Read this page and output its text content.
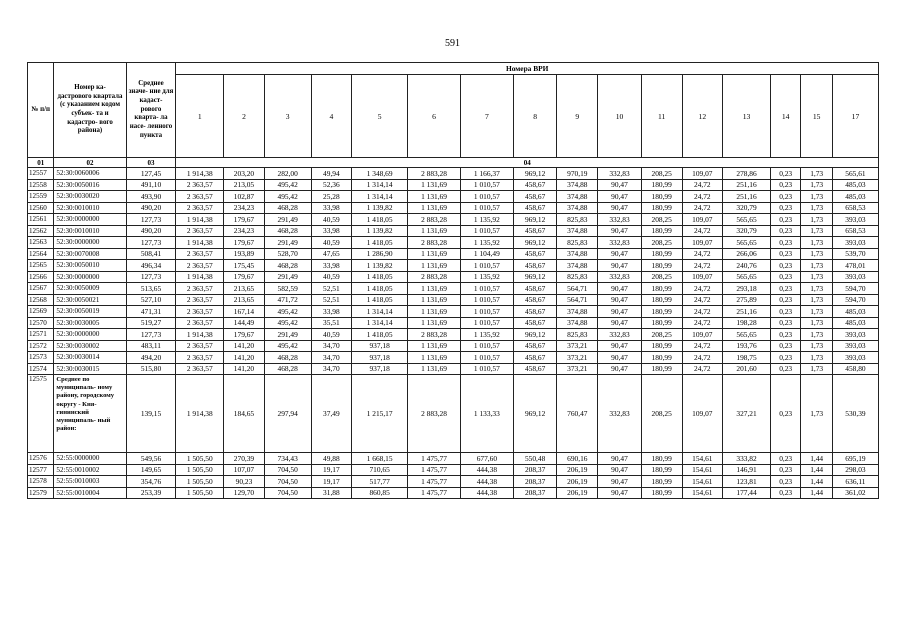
591
№ п/п	Номер ка- дастрового квартала (с указанием кодом субъек- та и кадастро- вого района)	Среднее значе- ние для кадаст- рового кварта- ла насе- ленного пункта	Номера ВРИ															
			1	2	3	4	5	6	7	8	9	10	11	12	13	14	15	17
01	02	03	04															
12557	52:30:0060006	127,45	1 914,38	203,20	282,00	49,94	1 348,69	2 883,28	1 166,37	969,12	970,19	332,83	208,25	109,07	278,86	0,23	1,73	565,61
12558	52:30:0050016	491,10	2 363,57	213,05	495,42	52,36	1 314,14	1 131,69	1 010,57	458,67	374,88	90,47	180,99	24,72	251,16	0,23	1,73	485,03
12559	52:30:0030020	493,90	2 363,57	102,87	495,42	25,28	1 314,14	1 131,69	1 010,57	458,67	374,88	90,47	180,99	24,72	251,16	0,23	1,73	485,03
12560	52:30:0010010	490,20	2 363,57	234,23	468,28	33,98	1 139,82	1 131,69	1 010,57	458,67	374,88	90,47	180,99	24,72	320,79	0,23	1,73	658,53
12561	52:30:0000000	127,73	1 914,38	179,67	291,49	40,59	1 418,05	2 883,28	1 135,92	969,12	825,83	332,83	208,25	109,07	565,65	0,23	1,73	393,03
12562	52:30:0010010	490,20	2 363,57	234,23	468,28	33,98	1 139,82	1 131,69	1 010,57	458,67	374,88	90,47	180,99	24,72	320,79	0,23	1,73	658,53
12563	52:30:0000000	127,73	1 914,38	179,67	291,49	40,59	1 418,05	2 883,28	1 135,92	969,12	825,83	332,83	208,25	109,07	565,65	0,23	1,73	393,03
12564	52:30:0070008	508,41	2 363,57	193,89	528,70	47,65	1 286,90	1 131,69	1 104,49	458,67	374,88	90,47	180,99	24,72	266,06	0,23	1,73	539,70
12565	52:30:0050010	496,34	2 363,57	175,45	468,28	33,98	1 139,82	1 131,69	1 010,57	458,67	374,88	90,47	180,99	24,72	240,76	0,23	1,73	478,01
12566	52:30:0000000	127,73	1 914,38	179,67	291,49	40,59	1 418,05	2 883,28	1 135,92	969,12	825,83	332,83	208,25	109,07	565,65	0,23	1,73	393,03
12567	52:30:0050009	513,65	2 363,57	213,65	582,59	52,51	1 418,05	1 131,69	1 010,57	458,67	564,71	90,47	180,99	24,72	293,18	0,23	1,73	594,70
12568	52:30:0050021	527,10	2 363,57	213,65	471,72	52,51	1 418,05	1 131,69	1 010,57	458,67	564,71	90,47	180,99	24,72	275,89	0,23	1,73	594,70
12569	52:30:0050019	471,31	2 363,57	167,14	495,42	33,98	1 314,14	1 131,69	1 010,57	458,67	374,88	90,47	180,99	24,72	251,16	0,23	1,73	485,03
12570	52:30:0030005	519,27	2 363,57	144,49	495,42	35,51	1 314,14	1 131,69	1 010,57	458,67	374,88	90,47	180,99	24,72	198,28	0,23	1,73	485,03
12571	52:30:0000000	127,73	1 914,38	179,67	291,49	40,59	1 418,05	2 883,28	1 135,92	969,12	825,83	332,83	208,25	109,07	565,65	0,23	1,73	393,03
12572	52:30:0030002	483,11	2 363,57	141,20	495,42	34,70	937,18	1 131,69	1 010,57	458,67	373,21	90,47	180,99	24,72	193,76	0,23	1,73	393,03
12573	52:30:0030014	494,20	2 363,57	141,20	468,28	34,70	937,18	1 131,69	1 010,57	458,67	373,21	90,47	180,99	24,72	198,75	0,23	1,73	393,03
12574	52:30:0030015	515,80	2 363,57	141,20	468,28	34,70	937,18	1 131,69	1 010,57	458,67	373,21	90,47	180,99	24,72	201,60	0,23	1,73	458,80
12575	Среднее по муниципаль- ному району, городскому округу - Кня- гининский муниципаль- ный район:	139,15	1 914,38	184,65	297,94	37,49	1 215,17	2 883,28	1 133,33	969,12	760,47	332,83	208,25	109,07	327,21	0,23	1,73	530,39
12576	52:55:0000000	549,56	1 505,50	270,39	734,43	49,88	1 668,15	1 475,77	677,60	550,48	690,16	90,47	180,99	154,61	333,82	0,23	1,44	695,19
12577	52:55:0010002	149,65	1 505,50	107,07	704,50	19,17	710,65	1 475,77	444,38	208,37	206,19	90,47	180,99	154,61	146,91	0,23	1,44	298,03
12578	52:55:0010003	354,76	1 505,50	90,23	704,50	19,17	517,77	1 475,77	444,38	208,37	206,19	90,47	180,99	154,61	123,81	0,23	1,44	636,11
12579	52:55:0010004	253,39	1 505,50	129,70	704,50	31,88	860,85	1 475,77	444,38	208,37	206,19	90,47	180,99	154,61	177,44	0,23	1,44	361,02
